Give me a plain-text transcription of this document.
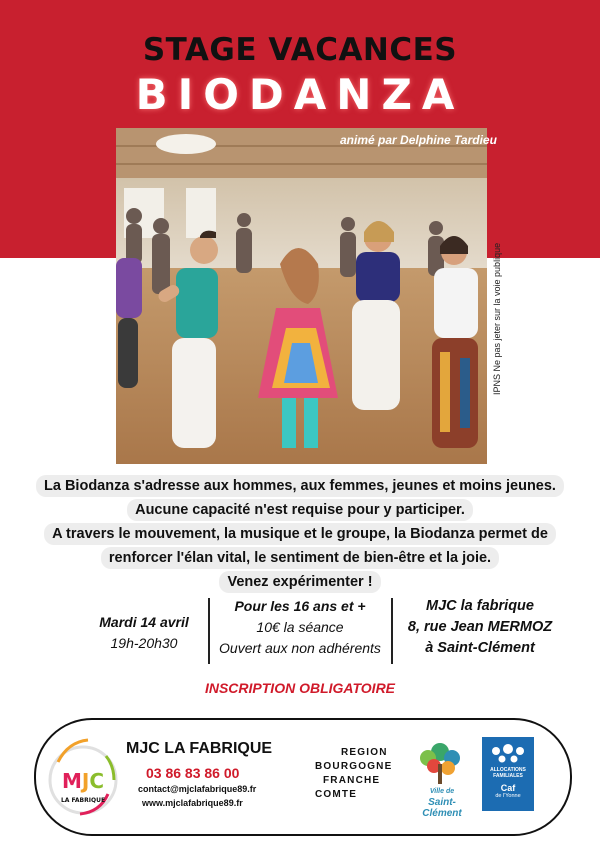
STAGE VACANCES
BIODANZA
animé par Delphine Tardieu
IPNS Ne pas jeter sur la voie publique
La Biodanza s'adresse aux hommes, aux femmes, jeunes et moins jeunes.
Aucune capacité n'est requise pour y participer.
A travers le mouvement, la musique et le groupe, la Biodanza permet de
renforcer l'élan vital, le sentiment de bien-être et la joie.
Venez expérimenter !
Mardi 14 avril
19h-20h30
Pour les 16 ans et +
10€ la séance
Ouvert aux non adhérents
MJC la fabrique
8, rue Jean MERMOZ
à Saint-Clément
INSCRIPTION OBLIGATOIRE
MJC
LA FABRIQUE
MJC LA FABRIQUE
03 86 83 86 00
contact@mjclafabrique89.fr
www.mjclafabrique89.fr
REGION
BOURGOGNE
FRANCHE
COMTE	Ville de
Saint-Clément
ALLOCATIONS FAMILIALES
Caf
de l'Yonne
